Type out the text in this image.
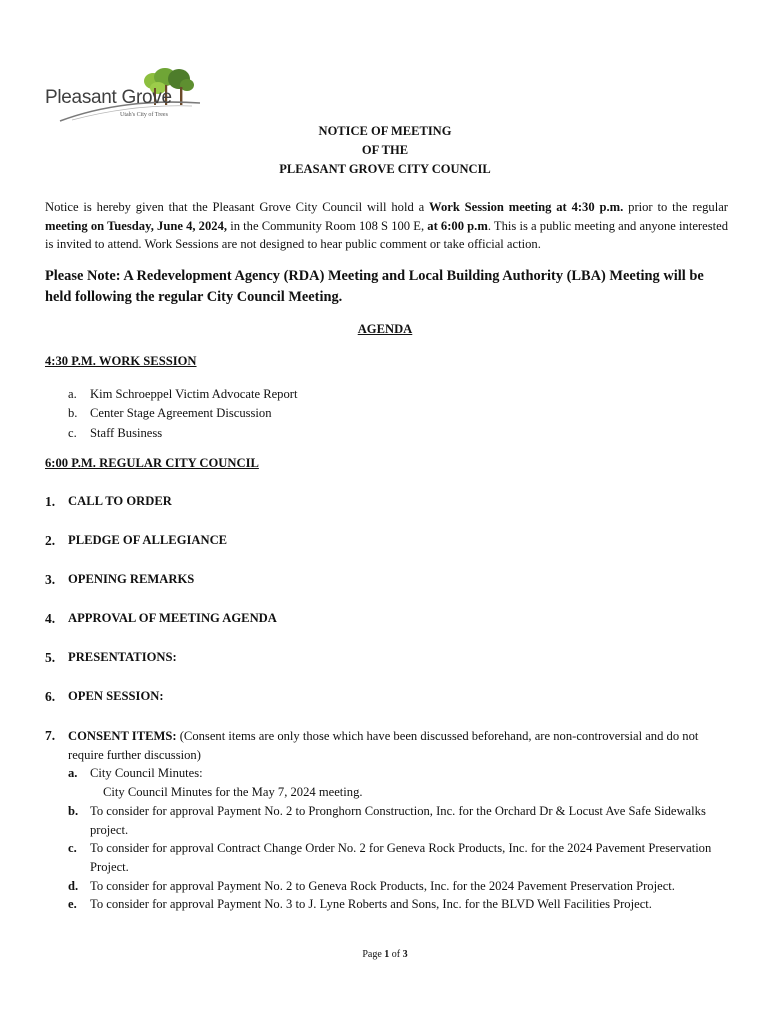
Pleasant Grove
Utah's City of Trees
NOTICE OF MEETING
OF THE
PLEASANT GROVE CITY COUNCIL
Notice is hereby given that the Pleasant Grove City Council will hold a Work Session meeting at 4:30 p.m. prior to the regular meeting on Tuesday, June 4, 2024, in the Community Room 108 S 100 E, at 6:00 p.m. This is a public meeting and anyone interested is invited to attend. Work Sessions are not designed to hear public comment or take official action.
Please Note: A Redevelopment Agency (RDA) Meeting and Local Building Authority (LBA) Meeting will be held following the regular City Council Meeting.
AGENDA
4:30 P.M. WORK SESSION
a.	Kim Schroeppel Victim Advocate Report
b. Center Stage Agreement Discussion
c.	Staff Business
6:00 P.M. REGULAR CITY COUNCIL
1.	CALL TO ORDER
2.	PLEDGE OF ALLEGIANCE
3.	OPENING REMARKS
4.	APPROVAL OF MEETING AGENDA
5.	PRESENTATIONS:
6.	OPEN SESSION:
7.	CONSENT ITEMS: (Consent items are only those which have been discussed beforehand, are non-controversial and do not require further discussion)
a. City Council Minutes:
City Council Minutes for the May 7, 2024 meeting.
b. To consider for approval Payment No. 2 to Pronghorn Construction, Inc. for the Orchard Dr & Locust Ave Safe Sidewalks project.
c.	To consider for approval Contract Change Order No. 2 for Geneva Rock Products, Inc. for the 2024 Pavement Preservation Project.
d. To consider for approval Payment No. 2 to Geneva Rock Products, Inc. for the 2024 Pavement Preservation Project.
e.	To consider for approval Payment No. 3 to J. Lyne Roberts and Sons, Inc. for the BLVD Well Facilities Project.
Page 1 of 3
